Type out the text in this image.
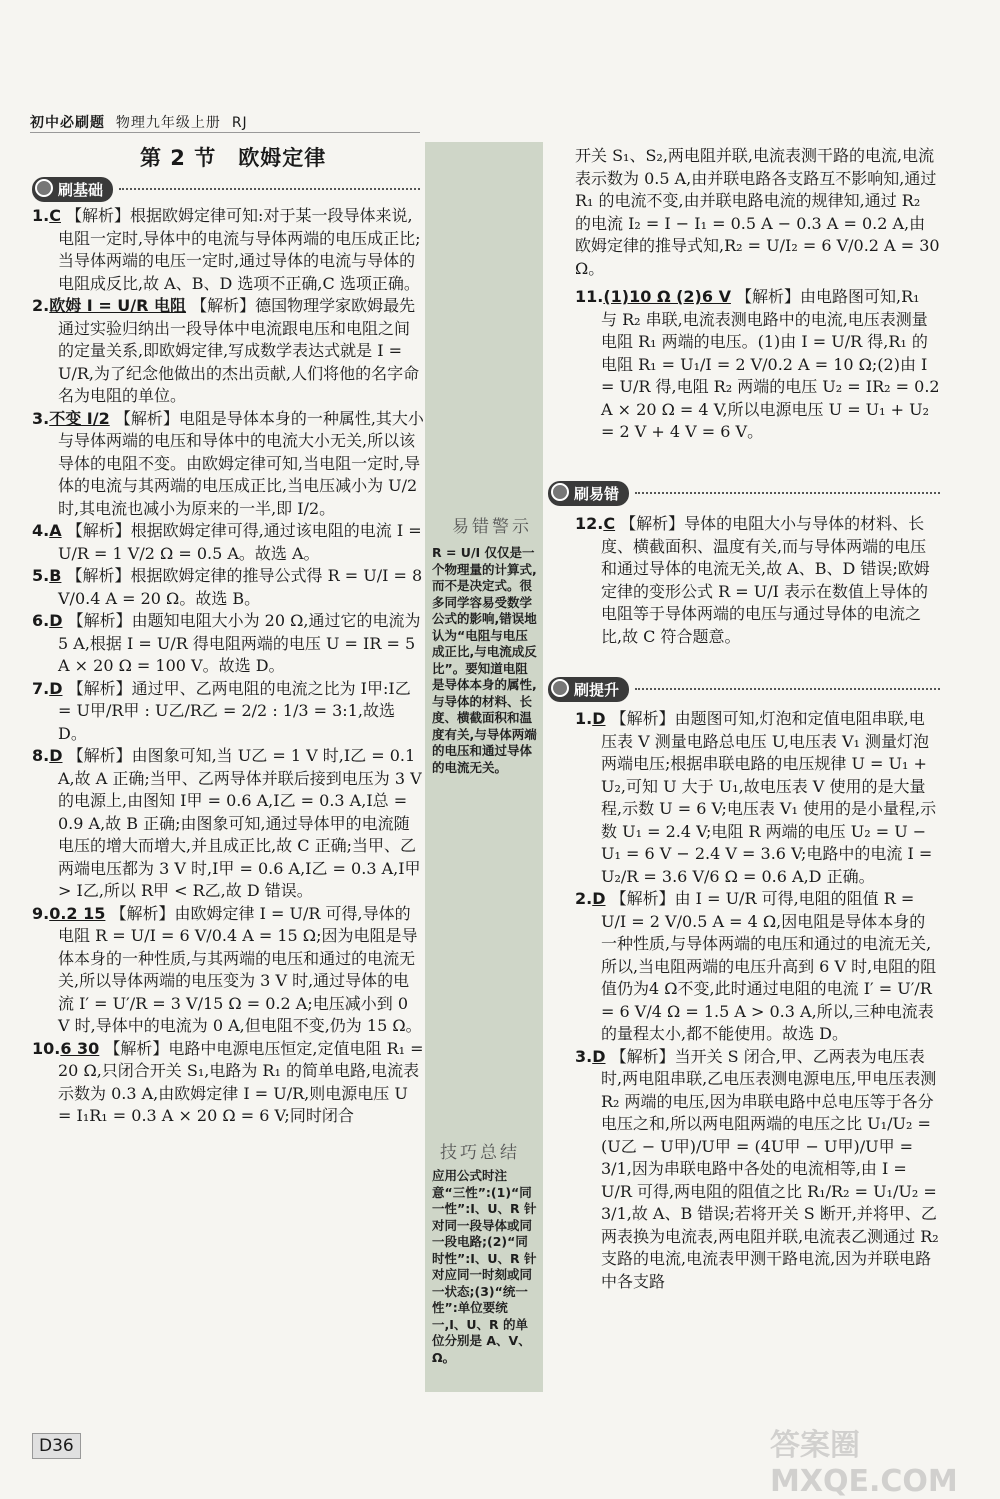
初中必刷题 物理九年级上册 RJ
第 2 节　欧姆定律
刷基础

1.C 【解析】根据欧姆定律可知:对于某一段导体来说,电阻一定时,导体中的电流与导体两端的电压成正比;当导体两端的电压一定时,通过导体的电流与导体的电阻成反比,故 A、B、D 选项不正确,C 选项正确。

2.欧姆 I = U/R 电阻 【解析】德国物理学家欧姆最先通过实验归纳出一段导体中电流跟电压和电阻之间的定量关系,即欧姆定律,写成数学表达式就是 I = U/R,为了纪念他做出的杰出贡献,人们将他的名字命名为电阻的单位。

3.不变 I/2 【解析】电阻是导体本身的一种属性,其大小与导体两端的电压和导体中的电流大小无关,所以该导体的电阻不变。由欧姆定律可知,当电阻一定时,导体的电流与其两端的电压成正比,当电压减小为 U/2 时,其电流也减小为原来的一半,即 I/2。

4.A 【解析】根据欧姆定律可得,通过该电阻的电流 I = U/R = 1 V/2 Ω = 0.5 A。故选 A。

5.B 【解析】根据欧姆定律的推导公式得 R = U/I = 8 V/0.4 A = 20 Ω。故选 B。

6.D 【解析】由题知电阻大小为 20 Ω,通过它的电流为5 A,根据 I = U/R 得电阻两端的电压 U = IR = 5 A × 20 Ω = 100 V。故选 D。

7.D 【解析】通过甲、乙两电阻的电流之比为 I甲:I乙 = U甲/R甲 : U乙/R乙 = 2/2 : 1/3 = 3:1,故选 D。

8.D 【解析】由图象可知,当 U乙 = 1 V 时,I乙 = 0.1 A,故 A 正确;当甲、乙两导体并联后接到电压为 3 V 的电源上,由图知 I甲 = 0.6 A,I乙 = 0.3 A,I总 = 0.9 A,故 B 正确;由图象可知,通过导体甲的电流随电压的增大而增大,并且成正比,故 C 正确;当甲、乙两端电压都为 3 V 时,I甲 = 0.6 A,I乙 = 0.3 A,I甲 > I乙,所以 R甲 < R乙,故 D 错误。

9.0.2 15 【解析】由欧姆定律 I = U/R 可得,导体的电阻 R = U/I = 6 V/0.4 A = 15 Ω;因为电阻是导体本身的一种性质,与其两端的电压和通过的电流无关,所以导体两端的电压变为 3 V 时,通过导体的电流 I′ = U′/R = 3 V/15 Ω = 0.2 A;电压减小到 0 V 时,导体中的电流为 0 A,但电阻不变,仍为 15 Ω。

10.6 30 【解析】电路中电源电压恒定,定值电阻 R₁ = 20 Ω,只闭合开关 S₁,电路为 R₁ 的简单电路,电流表示数为 0.3 A,由欧姆定律 I = U/R,则电源电压 U = I₁R₁ = 0.3 A × 20 Ω = 6 V;同时闭合

开关 S₁、S₂,两电阻并联,电流表测干路的电流,电流表示数为 0.5 A,由并联电路各支路互不影响知,通过 R₁ 的电流不变,由并联电路电流的规律知,通过 R₂ 的电流 I₂ = I − I₁ = 0.5 A − 0.3 A = 0.2 A,由欧姆定律的推导式知,R₂ = U/I₂ = 6 V/0.2 A = 30 Ω。

11.(1)10 Ω (2)6 V 【解析】由电路图可知,R₁ 与 R₂ 串联,电流表测电路中的电流,电压表测量电阻 R₁ 两端的电压。(1)由 I = U/R 得,R₁ 的电阻 R₁ = U₁/I = 2 V/0.2 A = 10 Ω;(2)由 I = U/R 得,电阻 R₂ 两端的电压 U₂ = IR₂ = 0.2 A × 20 Ω = 4 V,所以电源电压 U = U₁ + U₂ = 2 V + 4 V = 6 V。

刷易错

12.C 【解析】导体的电阻大小与导体的材料、长度、横截面积、温度有关,而与导体两端的电压和通过导体的电流无关,故 A、B、D 错误;欧姆定律的变形公式 R = U/I 表示在数值上导体的电阻等于导体两端的电压与通过导体的电流之比,故 C 符合题意。

刷提升

1.D 【解析】由题图可知,灯泡和定值电阻串联,电压表 V 测量电路总电压 U,电压表 V₁ 测量灯泡两端电压;根据串联电路的电压规律 U = U₁ + U₂,可知 U 大于 U₁,故电压表 V 使用的是大量程,示数 U = 6 V;电压表 V₁ 使用的是小量程,示数 U₁ = 2.4 V;电阻 R 两端的电压 U₂ = U − U₁ = 6 V − 2.4 V = 3.6 V;电路中的电流 I = U₂/R = 3.6 V/6 Ω = 0.6 A,D 正确。

2.D 【解析】由 I = U/R 可得,电阻的阻值 R = U/I = 2 V/0.5 A = 4 Ω,因电阻是导体本身的一种性质,与导体两端的电压和通过的电流无关,所以,当电阻两端的电压升高到 6 V 时,电阻的阻值仍为4 Ω不变,此时通过电阻的电流 I′ = U′/R = 6 V/4 Ω = 1.5 A > 0.3 A,所以,三种电流表的量程太小,都不能使用。故选 D。

3.D 【解析】当开关 S 闭合,甲、乙两表为电压表时,两电阻串联,乙电压表测电源电压,甲电压表测 R₂ 两端的电压,因为串联电路中总电压等于各分电压之和,所以两电阻两端的电压之比 U₁/U₂ = (U乙 − U甲)/U甲 = (4U甲 − U甲)/U甲 = 3/1,因为串联电路中各处的电流相等,由 I = U/R 可得,两电阻的阻值之比 R₁/R₂ = U₁/U₂ = 3/1,故 A、B 错误;若将开关 S 断开,并将甲、乙两表换为电流表,两电阻并联,电流表乙测通过 R₂ 支路的电流,电流表甲测干路电流,因为并联电路中各支路

易错警示
R = U/I 仅仅是一个物理量的计算式,而不是决定式。很多同学容易受数学公式的影响,错误地认为“电阻与电压成正比,与电流成反比”。要知道电阻是导体本身的属性,与导体的材料、长度、横截面积和温度有关,与导体两端的电压和通过导体的电流无关。
技巧总结
应用公式时注意“三性”:(1)“同一性”:I、U、R 针对同一段导体或同一段电路;(2)“同时性”:I、U、R 针对应同一时刻或同一状态;(3)“统一性”:单位要统一,I、U、R 的单位分别是 A、V、Ω。
D36	答案圈 MXQE.COM
